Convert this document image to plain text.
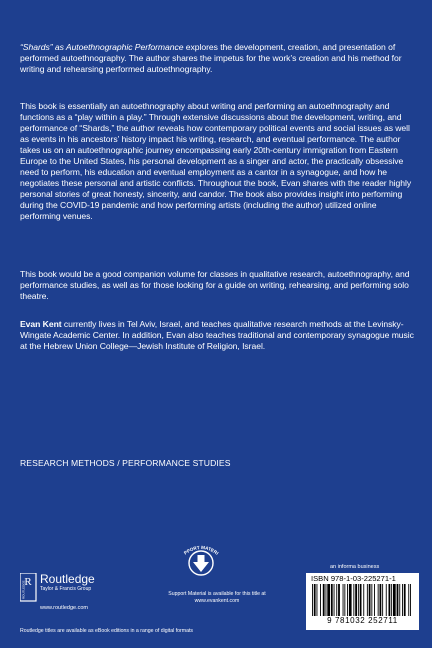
“Shards” as Autoethnographic Performance explores the development, creation, and presentation of performed autoethnography. The author shares the impetus for the work’s creation and his method for writing and rehearsing performed autoethnography.

This book is essentially an autoethnography about writing and performing an autoethnography and functions as a “play within a play.” Through extensive discussions about the development, writing, and performance of “Shards,” the author reveals how contemporary political events and social issues as well as events in his ancestors’ history impact his writing, research, and eventual performance. The author takes us on an autoethnographic journey encompassing early 20th-century immigration from Eastern Europe to the United States, his personal development as a singer and actor, the practically obsessive need to perform, his education and eventual employment as a cantor in a synagogue, and how he negotiates these personal and artistic conflicts. Throughout the book, Evan shares with the reader highly personal stories of great honesty, sincerity, and candor. The book also provides insight into performing during the COVID-19 pandemic and how performing artists (including the author) utilized online performing venues.

This book would be a good companion volume for classes in qualitative research, autoethnography, and performance studies, as well as for those looking for a guide on writing, rehearsing, and performing solo theatre.

Evan Kent currently lives in Tel Aviv, Israel, and teaches qualitative research methods at the Levinsky-Wingate Academic Center. In addition, Evan also teaches traditional and contemporary synagogue music at the Hebrew Union College—Jewish Institute of Religion, Israel.

RESEARCH METHODS / PERFORMANCE STUDIES
R
ROUTLEDGE
Routledge
Taylor & Francis Group
www.routledge.com
PPORT MATERI
Support Material is available for this title at www.evankent.com
an informa business
ISBN 978-1-03-225271-1
9 781032 252711
Routledge titles are available as eBook editions in a range of digital formats
